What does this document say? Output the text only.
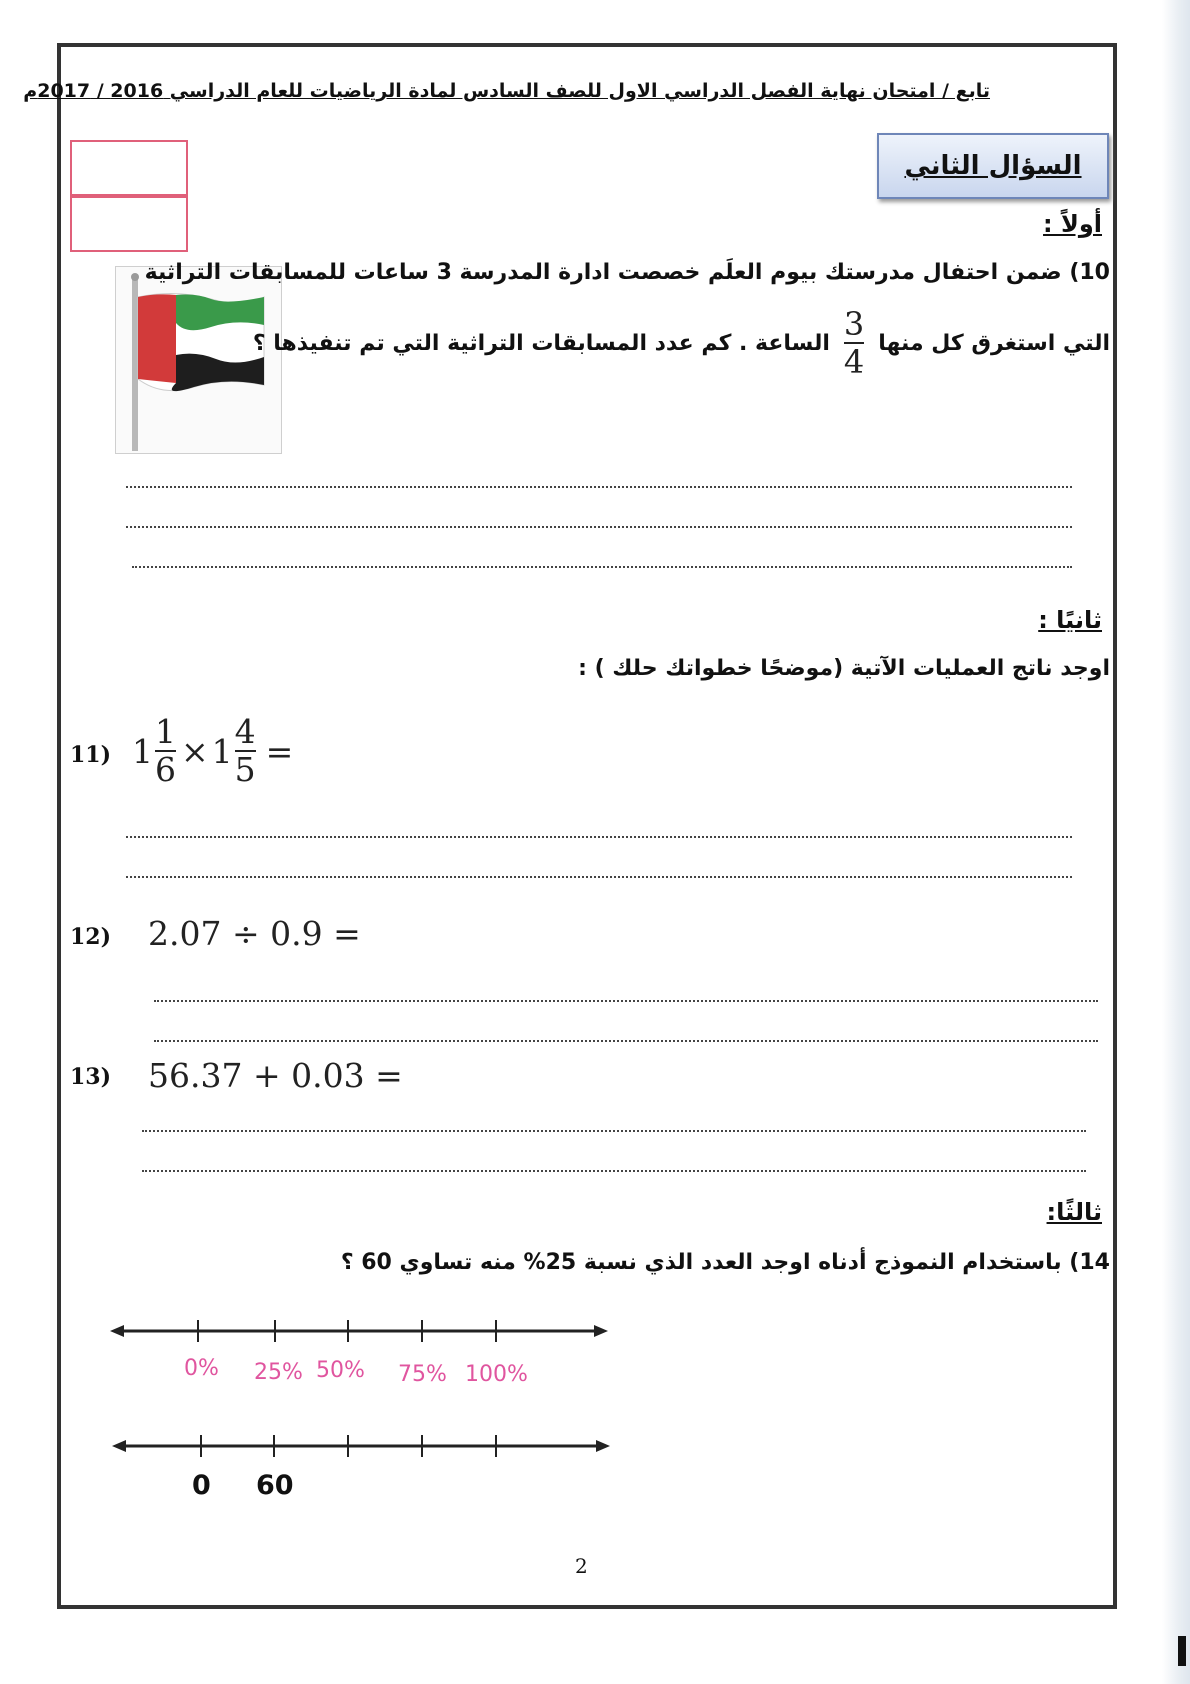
تابع / امتحان نهاية الفصل الدراسي الاول للصف السادس لمادة الرياضيات للعام الدراسي 2016 / 2017م
السؤال الثاني
أولاً :
10) ضمن احتفال مدرستك بيوم العلَم خصصت ادارة المدرسة 3 ساعات للمسابقات التراثية
التي استغرق كل منها
$\frac{3}{4}$
الساعة . كم عدد المسابقات التراثية التي تم تنفيذها ؟
ثانيًا :
اوجد ناتج العمليات الآتية (موضحًا خطواتك حلك ) :
11) $1 \frac{1}{6} \times 1 \frac{4}{5}$ =
12) 2.07 ÷ 0.9 =
13) 56.37 + 0.03 =
ثالثًا:
14) باستخدام النموذج أدناه اوجد العدد الذي نسبة 25% منه تساوي 60 ؟
0% 25% 50% 75% 100%
0 60
2
